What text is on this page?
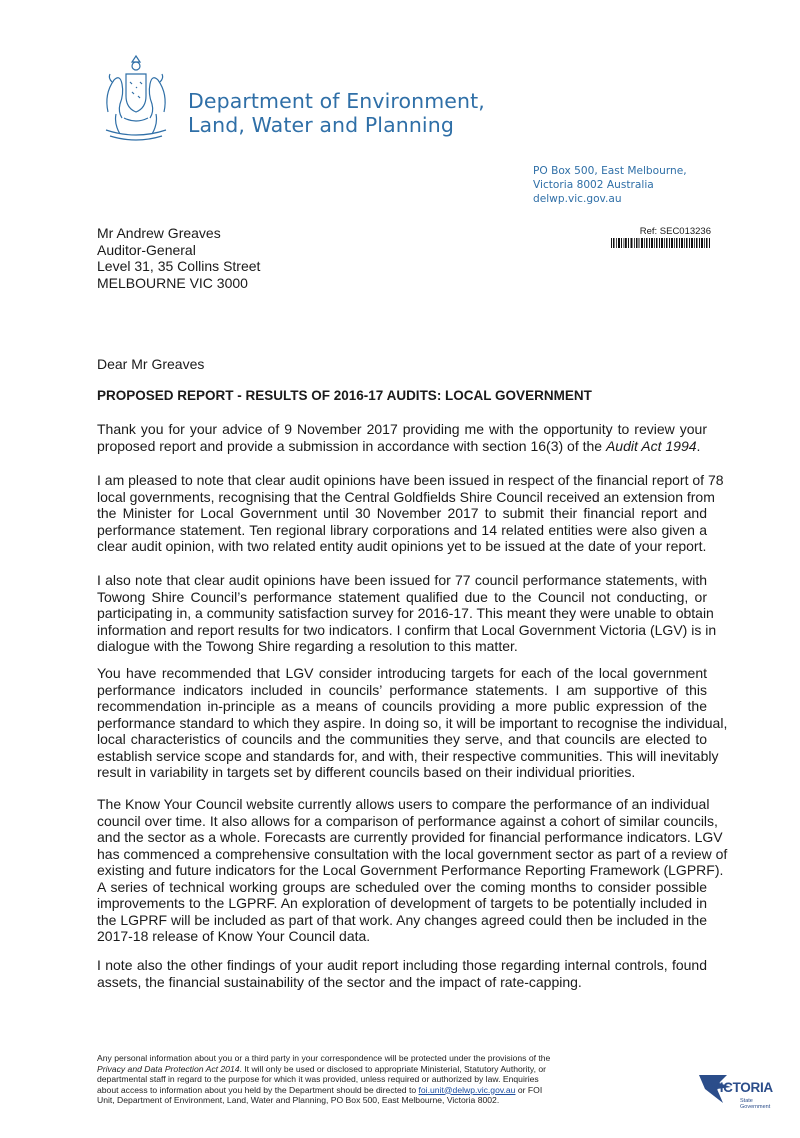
Department of Environment,
Land, Water and Planning
PO Box 500, East Melbourne,
Victoria 8002 Australia
delwp.vic.gov.au
Ref: SEC013236
Mr Andrew Greaves
Auditor-General
Level 31, 35 Collins Street
MELBOURNE VIC 3000
Dear Mr Greaves
PROPOSED REPORT - RESULTS OF 2016-17 AUDITS: LOCAL GOVERNMENT
Thank you for your advice of 9 November 2017 providing me with the opportunity to review your
proposed report and provide a submission in accordance with section 16(3) of the Audit Act 1994.
I am pleased to note that clear audit opinions have been issued in respect of the financial report of 78
local governments, recognising that the Central Goldfields Shire Council received an extension from
the Minister for Local Government until 30 November 2017 to submit their financial report and
performance statement. Ten regional library corporations and 14 related entities were also given a
clear audit opinion, with two related entity audit opinions yet to be issued at the date of your report.
I also note that clear audit opinions have been issued for 77 council performance statements, with
Towong Shire Council’s performance statement qualified due to the Council not conducting, or
participating in, a community satisfaction survey for 2016-17. This meant they were unable to obtain
information and report results for two indicators. I confirm that Local Government Victoria (LGV) is in
dialogue with the Towong Shire regarding a resolution to this matter.
You have recommended that LGV consider introducing targets for each of the local government
performance indicators included in councils’ performance statements. I am supportive of this
recommendation in-principle as a means of councils providing a more public expression of the
performance standard to which they aspire. In doing so, it will be important to recognise the individual,
local characteristics of councils and the communities they serve, and that councils are elected to
establish service scope and standards for, and with, their respective communities. This will inevitably
result in variability in targets set by different councils based on their individual priorities.
The Know Your Council website currently allows users to compare the performance of an individual
council over time. It also allows for a comparison of performance against a cohort of similar councils,
and the sector as a whole. Forecasts are currently provided for financial performance indicators. LGV
has commenced a comprehensive consultation with the local government sector as part of a review of
existing and future indicators for the Local Government Performance Reporting Framework (LGPRF).
A series of technical working groups are scheduled over the coming months to consider possible
improvements to the LGPRF. An exploration of development of targets to be potentially included in
the LGPRF will be included as part of that work. Any changes agreed could then be included in the
2017-18 release of Know Your Council data.
I note also the other findings of your audit report including those regarding internal controls, found
assets, the financial sustainability of the sector and the impact of rate-capping.
Any personal information about you or a third party in your correspondence will be protected under the provisions of the
Privacy and Data Protection Act 2014. It will only be used or disclosed to appropriate Ministerial, Statutory Authority, or
departmental staff in regard to the purpose for which it was provided, unless required or authorized by law. Enquiries
about access to information about you held by the Department should be directed to foi.unit@delwp.vic.gov.au or FOI
Unit, Department of Environment, Land, Water and Planning, PO Box 500, East Melbourne, Victoria 8002.
VICTORIA
State
Government
